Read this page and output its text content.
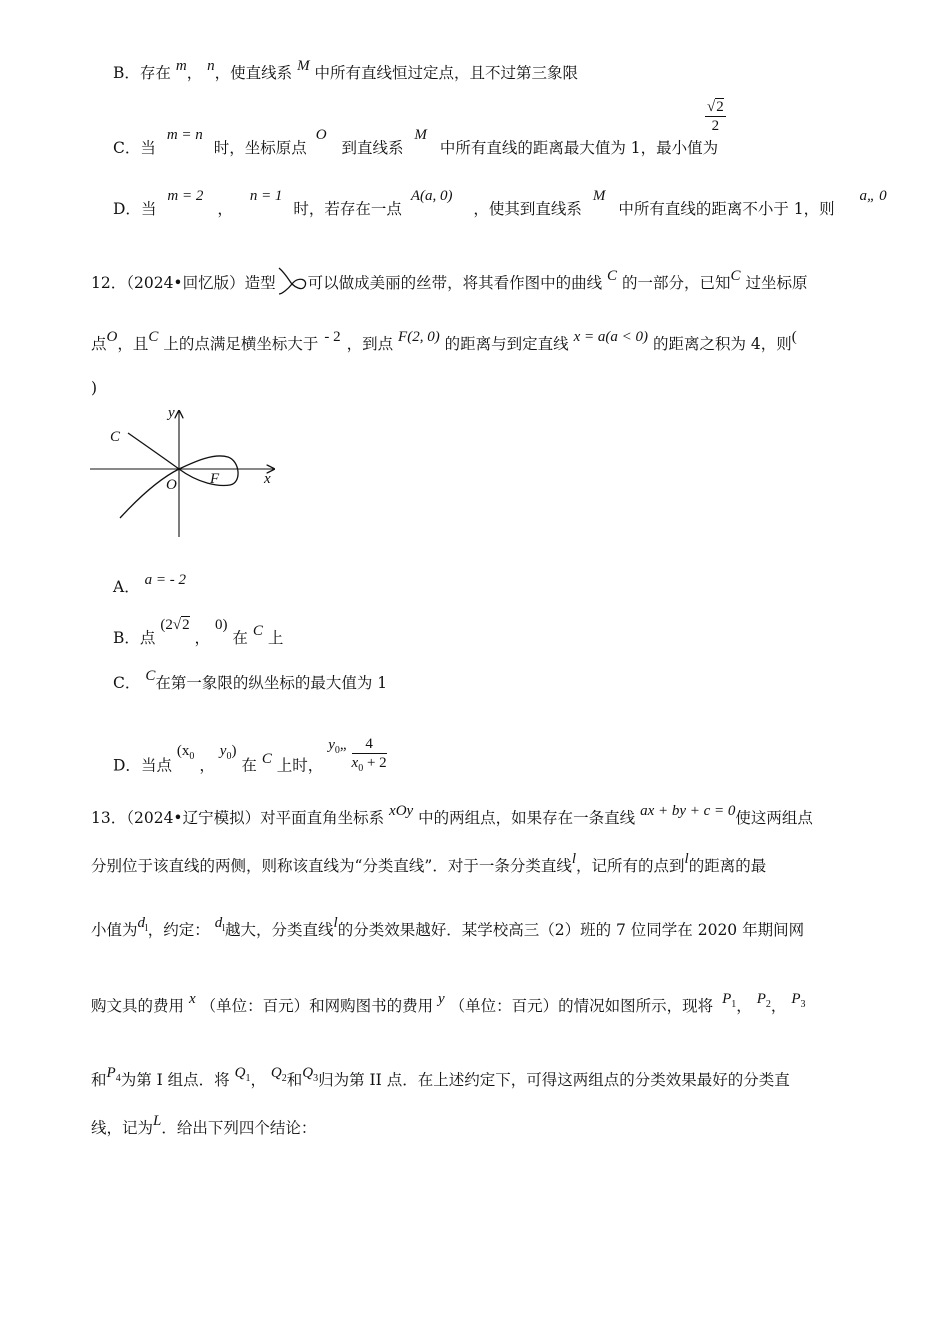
B．存在 m， n，使直线系 M 中所有直线恒过定点，且不过第三象限
C．当 m = n 时，坐标原点 O 到直线系 M 中所有直线的距离最大值为 1，最小值为
$\frac{√2}{2}$
D．当 m = 2， n = 1 时，若存在一点 A(a, 0) ，使其到直线系 M 中所有直线的距离不小于 1，则 a„ 0
12．（2024•回忆版）造型 可以做成美丽的丝带，将其看作图中的曲线 C 的一部分，已知C 过坐标原
点O，且C 上的点满足横坐标大于 - 2 ，到点 F(2, 0) 的距离与到定直线 x = a(a < 0) 的距离之积为 4，则(
)
y
x
C
O F
A． a = - 2
B．点 (2√2 ， 0) 在 C 上
C． C在第一象限的纵坐标的最大值为 1
D．当点 ($x_0$ ， $y_0$) 在 C 上时， $y_0„ \frac{4}{x_0 + 2}$
13．（2024•辽宁模拟）对平面直角坐标系 xOy 中的两组点，如果存在一条直线 ax + by + c = 0使这两组点
分别位于该直线的两侧，则称该直线为“分类直线”．对于一条分类直线l，记所有的点到l的距离的最
小值为$d_l$，约定： $d_l$越大，分类直线l的分类效果越好．某学校高三（2）班的 7 位同学在 2020 年期间网
购文具的费用 x （单位：百元）和网购图书的费用 y （单位：百元）的情况如图所示，现将 $P_1$， $P_2$， $P_3$
和$P_4$为第 I 组点．将 $Q_1$， $Q_2$和$Q_3$归为第 II 点．在上述约定下，可得这两组点的分类效果最好的分类直
线，记为L．给出下列四个结论：
